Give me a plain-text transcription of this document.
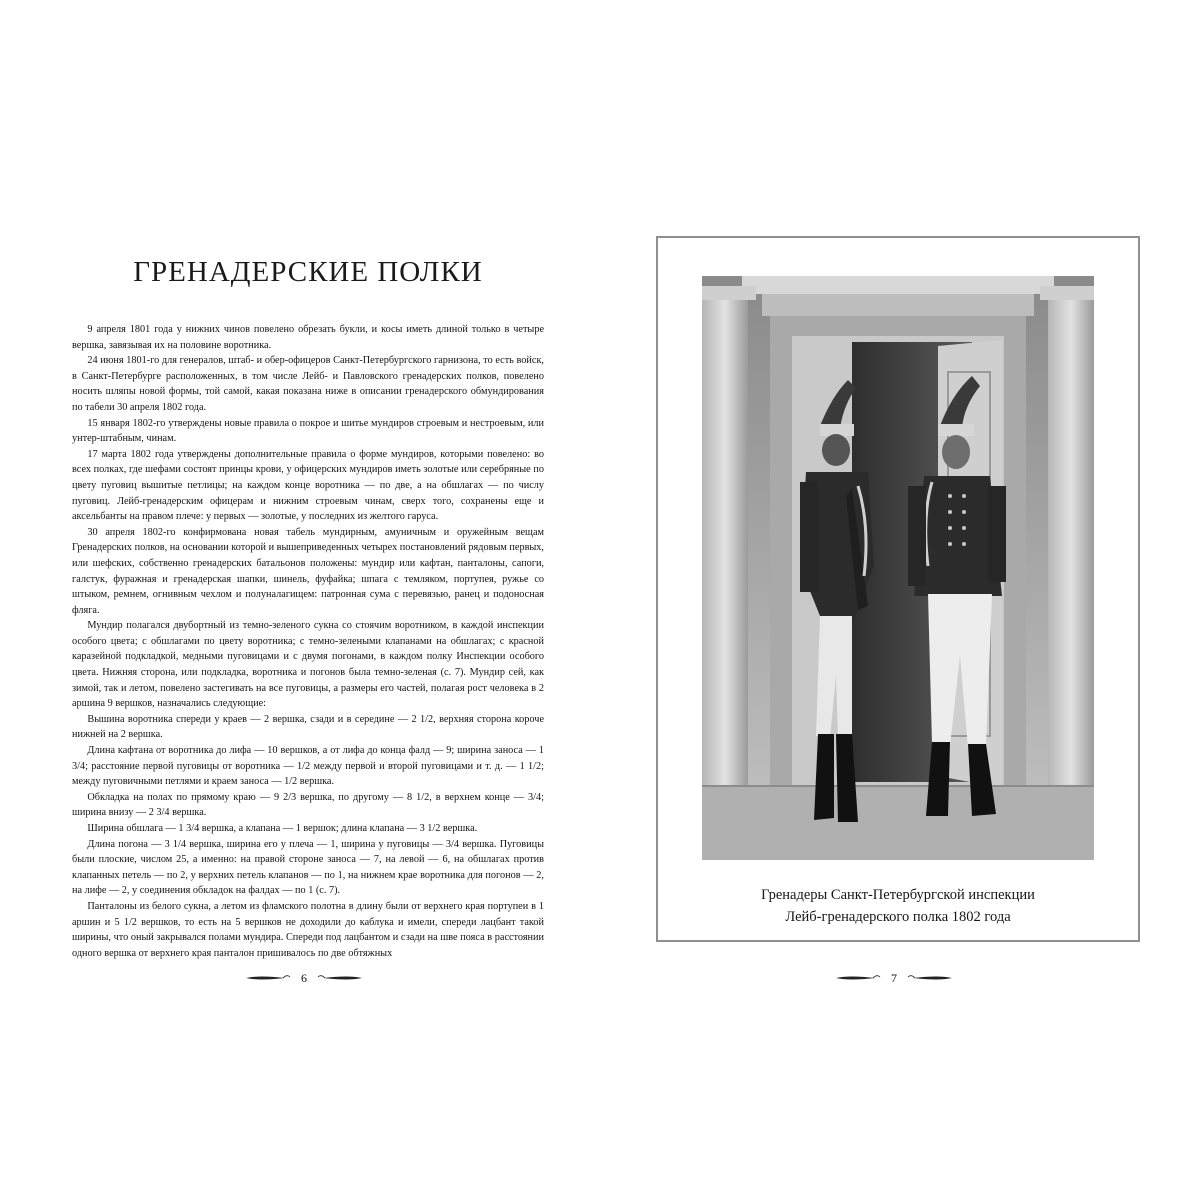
ГРЕНАДЕРСКИЕ ПОЛКИ

9 апреля 1801 года у нижних чинов повелено обрезать букли, и косы иметь длиной только в четыре вершка, завязывая их на половине воротника.

24 июня 1801-го для генералов, штаб- и обер-офицеров Санкт-Петербургского гарнизона, то есть войск, в Санкт-Петербурге расположенных, в том числе Лейб- и Павловского гренадерских полков, повелено носить шляпы новой формы, той самой, какая показана ниже в описании гренадерского обмундирования по табели 30 апреля 1802 года.

15 января 1802-го утверждены новые правила о покрое и шитье мундиров строевым и нестроевым, или унтер-штабным, чинам.

17 марта 1802 года утверждены дополнительные правила о форме мундиров, которыми повелено: во всех полках, где шефами состоят принцы крови, у офицерских мундиров иметь золотые или серебряные по цвету пуговиц вышитые петлицы; на каждом конце воротника — по две, а на обшлагах — по числу пуговиц. Лейб-гренадерским офицерам и нижним строевым чинам, сверх того, сохранены еще и аксельбанты на правом плече: у первых — золотые, у последних из желтого гаруса.

30 апреля 1802-го конфирмована новая табель мундирным, амуничным и оружейным вещам Гренадерских полков, на основании которой и вышеприведенных четырех постановлений рядовым первых, или шефских, собственно гренадерских батальонов положены: мундир или кафтан, панталоны, сапоги, галстук, фуражная и гренадерская шапки, шинель, фуфайка; шпага с темляком, портупея, ружье со штыком, ремнем, огнивным чехлом и полуналагищем: патронная сума с перевязью, ранец и подоносная фляга.

Мундир полагался двубортный из темно-зеленого сукна со стоячим воротником, в каждой инспекции особого цвета; с обшлагами по цвету воротника; с темно-зелеными клапанами на обшлагах; с красной каразейной подкладкой, медными пуговицами и с двумя погонами, в каждом полку Инспекции особого цвета. Нижняя сторона, или подкладка, воротника и погонов была темно-зеленая (с. 7). Мундир сей, как зимой, так и летом, повелено застегивать на все пуговицы, а размеры его частей, полагая рост человека в 2 аршина 9 вершков, назначались следующие:

Вышина воротника спереди у краев — 2 вершка, сзади и в середине — 2 1/2, верхняя сторона короче нижней на 2 вершка.

Длина кафтана от воротника до лифа — 10 вершков, а от лифа до конца фалд — 9; ширина заноса — 1 3/4; расстояние первой пуговицы от воротника — 1/2 между первой и второй пуговицами и т. д. — 1 1/2; между пуговичными петлями и краем заноса — 1/2 вершка.

Обкладка на полах по прямому краю — 9 2/3 вершка, по другому — 8 1/2, в верхнем конце — 3/4; ширина внизу — 2 3/4 вершка.

Ширина обшлага — 1 3/4 вершка, а клапана — 1 вершок; длина клапана — 3 1/2 вершка.

Длина погона — 3 1/4 вершка, ширина его у плеча — 1, ширина у пуговицы — 3/4 вершка. Пуговицы были плоские, числом 25, а именно: на правой стороне заноса — 7, на левой — 6, на обшлагах против клапанных петель — по 2, у верхних петель клапанов — по 1, на нижнем крае воротника для погонов — 2, на лифе — 2, у соединения обкладок на фалдах — по 1 (с. 7).

Панталоны из белого сукна, а летом из фламского полотна в длину были от верхнего края портупеи в 1 аршин и 5 1/2 вершков, то есть на 5 вершков не доходили до каблука и имели, спереди лацбант такой ширины, что оный закрывался полами мундира. Спереди под лацбантом и сзади на шве пояса в расстоянии одного вершка от верхнего края панталон пришивалось по две обтяжных

6
Гренадеры Санкт-Петербургской инспекции
Лейб-гренадерского полка 1802 года
7
